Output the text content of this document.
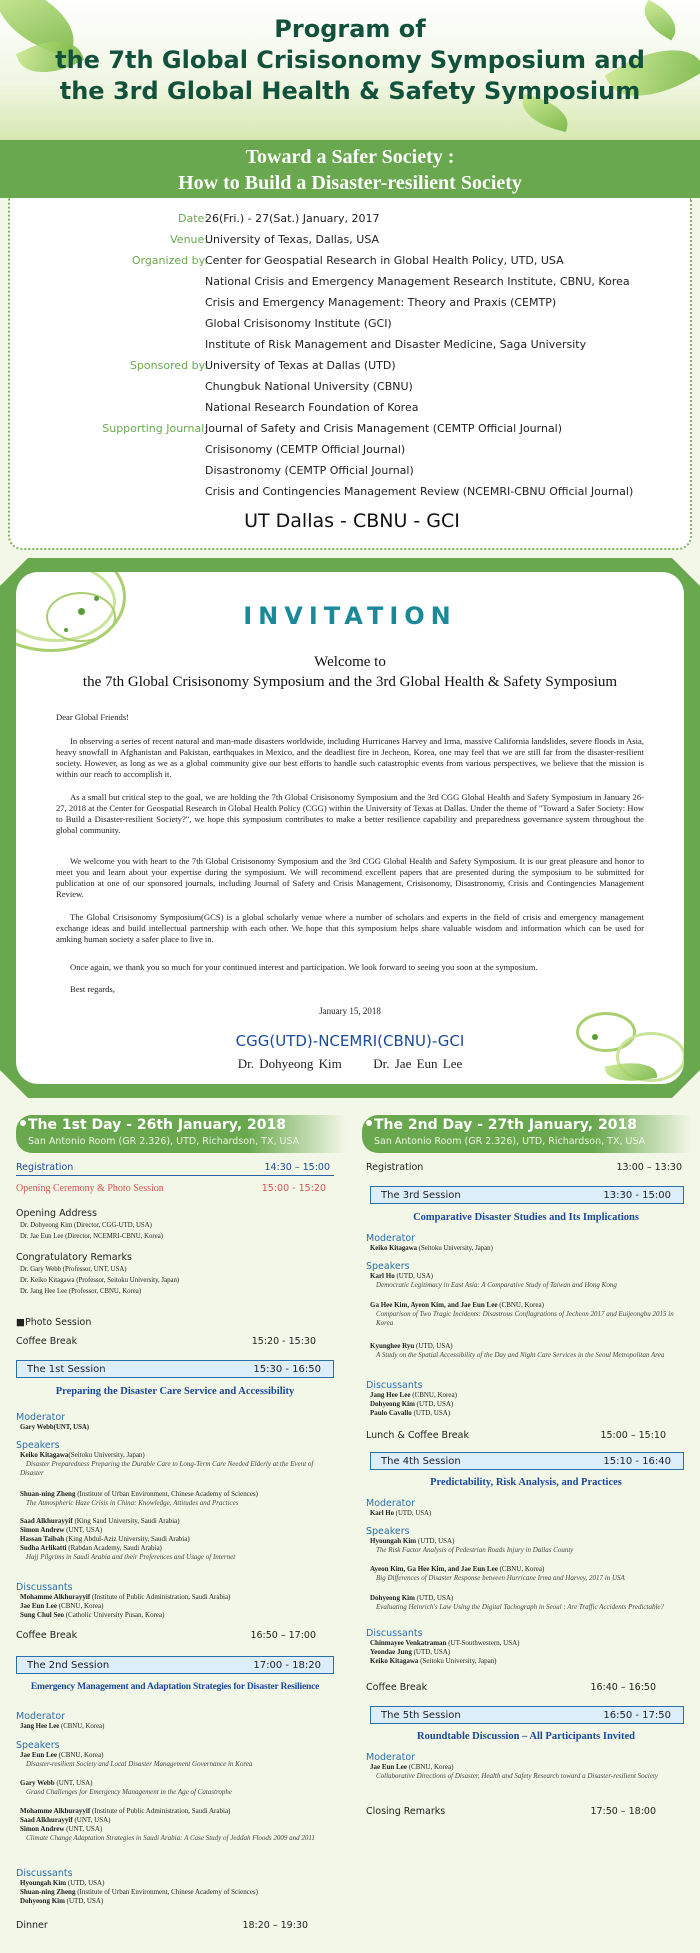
Program of
the 7th Global Crisisonomy Symposium and
the 3rd Global Health & Safety Symposium
Toward a Safer Society :
How to Build a Disaster-resilient Society
Date:
26(Fri.) - 27(Sat.) January, 2017
Venue:
University of Texas, Dallas, USA
Organized by:
Center for Geospatial Research in Global Health Policy, UTD, USA
National Crisis and Emergency Management Research Institute, CBNU, Korea
Crisis and Emergency Management: Theory and Praxis (CEMTP)
Global Crisisonomy Institute (GCI)
Institute of Risk Management and Disaster Medicine, Saga University
Sponsored by:
University of Texas at Dallas (UTD)
Chungbuk National University (CBNU)
National Research Foundation of Korea
Supporting Journal:
Journal of Safety and Crisis Management (CEMTP Official Journal)
Crisisonomy (CEMTP Official Journal)
Disastronomy (CEMTP Official Journal)
Crisis and Contingencies Management Review (NCEMRI-CBNU Official Journal)
UT Dallas - CBNU - GCI
INVITATION
Welcome to
the 7th Global Crisisonomy Symposium and the 3rd Global Health & Safety Symposium
Dear Global Friends!
In observing a series of recent natural and man-made disasters worldwide, including Hurricanes Harvey and Irma, massive California landslides, severe floods in Asia, heavy snowfall in Afghanistan and Pakistan, earthquakes in Mexico, and the deadliest fire in Jecheon, Korea, one may feel that we are still far from the disaster-resilient society. However, as long as we as a global community give our best efforts to handle such catastrophic events from various perspectives, we believe that the mission is within our reach to accomplish it.
As a small but critical step to the goal, we are holding the 7th Global Crisisonomy Symposium and the 3rd CGG Global Health and Safety Symposium in January 26-27, 2018 at the Center for Geospatial Research in Global Health Policy (CGG) within the University of Texas at Dallas. Under the theme of "Toward a Safer Society: How to Build a Disaster-resilient Society?", we hope this symposium contributes to make a better resilience capability and preparedness governance system throughout the global community.
We welcome you with heart to the 7th Global Crisisonomy Symposium and the 3rd CGG Global Health and Safety Symposium. It is our great pleasure and honor to meet you and learn about your expertise during the symposium. We will recommend excellent papers that are presented during the symposium to be submitted for publication at one of our sponsored journals, including Journal of Safety and Crisis Management, Crisisonomy, Disastronomy, Crisis and Contingencies Management Review.
The Global Crisisonomy Symposium(GCS) is a global scholarly venue where a number of scholars and experts in the field of crisis and emergency management exchange ideas and build intellectual partnership with each other. We hope that this symposium helps share valuable wisdom and information which can be used for amking human society a safer place to live in.
Once again, we thank you so much for your continued interest and participation. We look forward to seeing you soon at the symposium.
Best regards,
January 15, 2018
CGG(UTD)-NCEMRI(CBNU)-GCI
Dr. Dohyeong Kim      Dr. Jae Eun Lee
The 1st Day - 26th January, 2018
San Antonio Room (GR 2.326), UTD, Richardson, TX, USA
Registration	14:30 – 15:00
Opening Ceremony & Photo Session	15:00 - 15:20
Opening Address
Dr. Dohyeong Kim (Director, CGG-UTD, USA)
Dr. Jae Eun Lee (Director, NCEMRI-CBNU, Korea)
Congratulatory Remarks
Dr. Gary Webb (Professor, UNT, USA)
Dr. Keiko Kitagawa (Professor, Seitoku University, Japan)
Dr. Jang Hee Lee (Professor, CBNU, Korea)
■Photo Session
Coffee Break	15:20 - 15:30
The 1st Session	15:30 - 16:50
Preparing the Disaster Care Service and Accessibility
Moderator
Gary Webb(UNT, USA)
Speakers
Keiko Kitagawa(Seitoku University, Japan)
Disaster Preparedness Preparing the Durable Care to Long-Term Care Needed Elderly at the Event of Disaster
Shuan-ning Zheng (Institute of Urban Environment, Chinese Academy of Sciences)
The Atmospheric Haze Crisis in China: Knowledge, Attitudes and Practices
Saad Alkhurayyif (King Saud University, Saudi Arabia)
Simon Andrew (UNT, USA)
Hassan Taibah (King Abdul-Aziz University, Saudi Arabia)
Sudha Arlikatti (Rabdan Academy, Saudi Arabia)
Hajj Pilgrims in Saudi Arabia and their Preferences and Usage of Internet
Discussants
Mohamme Alkhurayyif (Institute of Public Administration, Saudi Arabia)
Jae Eun Lee (CBNU, Korea)
Sung Chul Seo (Catholic University Pusan, Korea)
Coffee Break	16:50 – 17:00
The 2nd Session	17:00 - 18:20
Emergency Management and Adaptation Strategies for Disaster Resilience
Moderator
Jang Hee Lee (CBNU, Korea)
Speakers
Jae Eun Lee (CBNU, Korea)
Disaster-resilient Society and Local Disaster Management Governance in Korea
Gary Webb (UNT, USA)
Grand Challenges for Emergency Management in the Age of Catastrophe
Mohamme Alkhurayyif (Institute of Public Administration, Saudi Arabia)
Saad Alkhurayyif (UNT, USA)
Simon Andrew (UNT, USA)
Climate Change Adaptation Strategies in Saudi Arabia: A Case Study of Jeddah Floods 2009 and 2011
Discussants
Hyoungah Kim (UTD, USA)
Shuan-ning Zheng (Institute of Urban Environment, Chinese Academy of Sciences)
Dohyeong Kim (UTD, USA)
Dinner	18:20 – 19:30
The 2nd Day - 27th January, 2018
San Antonio Room (GR 2.326), UTD, Richardson, TX, USA
Registration	13:00 – 13:30
The 3rd Session	13:30 - 15:00
Comparative Disaster Studies and Its Implications
Moderator
Keiko Kitagawa (Seitoku University, Japan)
Speakers
Karl Ho (UTD, USA)
Democratic Legitimacy in East Asia: A Comparative Study of Taiwan and Hong Kong
Ga Hee Kim, Ayeon Kim, and Jae Eun Lee (CBNU, Korea)
Comparison of Two Tragic Incidents: Disastrous Conflagrations of Jecheon 2017 and Euijeongbu 2015 in Korea
Kyunghee Ryu (UTD, USA)
A Study on the Spatial Accessibility of the Day and Night Care Services in the Seoul Metropolitan Area
Discussants
Jang Hee Lee (CBNU, Korea)
Dohyeong Kim (UTD, USA)
Paulo Cavallo (UTD, USA)
Lunch & Coffee Break	15:00 – 15:10
The 4th Session	15:10 - 16:40
Predictability, Risk Analysis, and Practices
Moderator
Karl Ho (UTD, USA)
Speakers
Hyoungah Kim (UTD, USA)
The Risk Factor Analysis of Pedestrian Roads Injury in Dallas County
Ayeon Kim, Ga Hee Kim, and Jae Eun Lee (CBNU, Korea)
Big Differences of Disaster Response between Hurricane Irma and Harvey, 2017 in USA
Dohyeong Kim (UTD, USA)
Evaluating Heinrich's Law Using the Digital Tachograph in Seoul : Are Traffic Accidents Predictable?
Discussants
Chinmayee Venkatraman (UT-Southwestern, USA)
Yeondae Jung (UTD, USA)
Keiko Kitagawa (Seitoku University, Japan)
Coffee Break	16:40 – 16:50
The 5th Session	16:50 - 17:50
Roundtable Discussion – All Participants Invited
Moderator
Jae Eun Lee (CBNU, Korea)
Collaborative Directions of Disaster, Health and Safety Research toward a Disaster-resilient Society
Closing Remarks	17:50 – 18:00
